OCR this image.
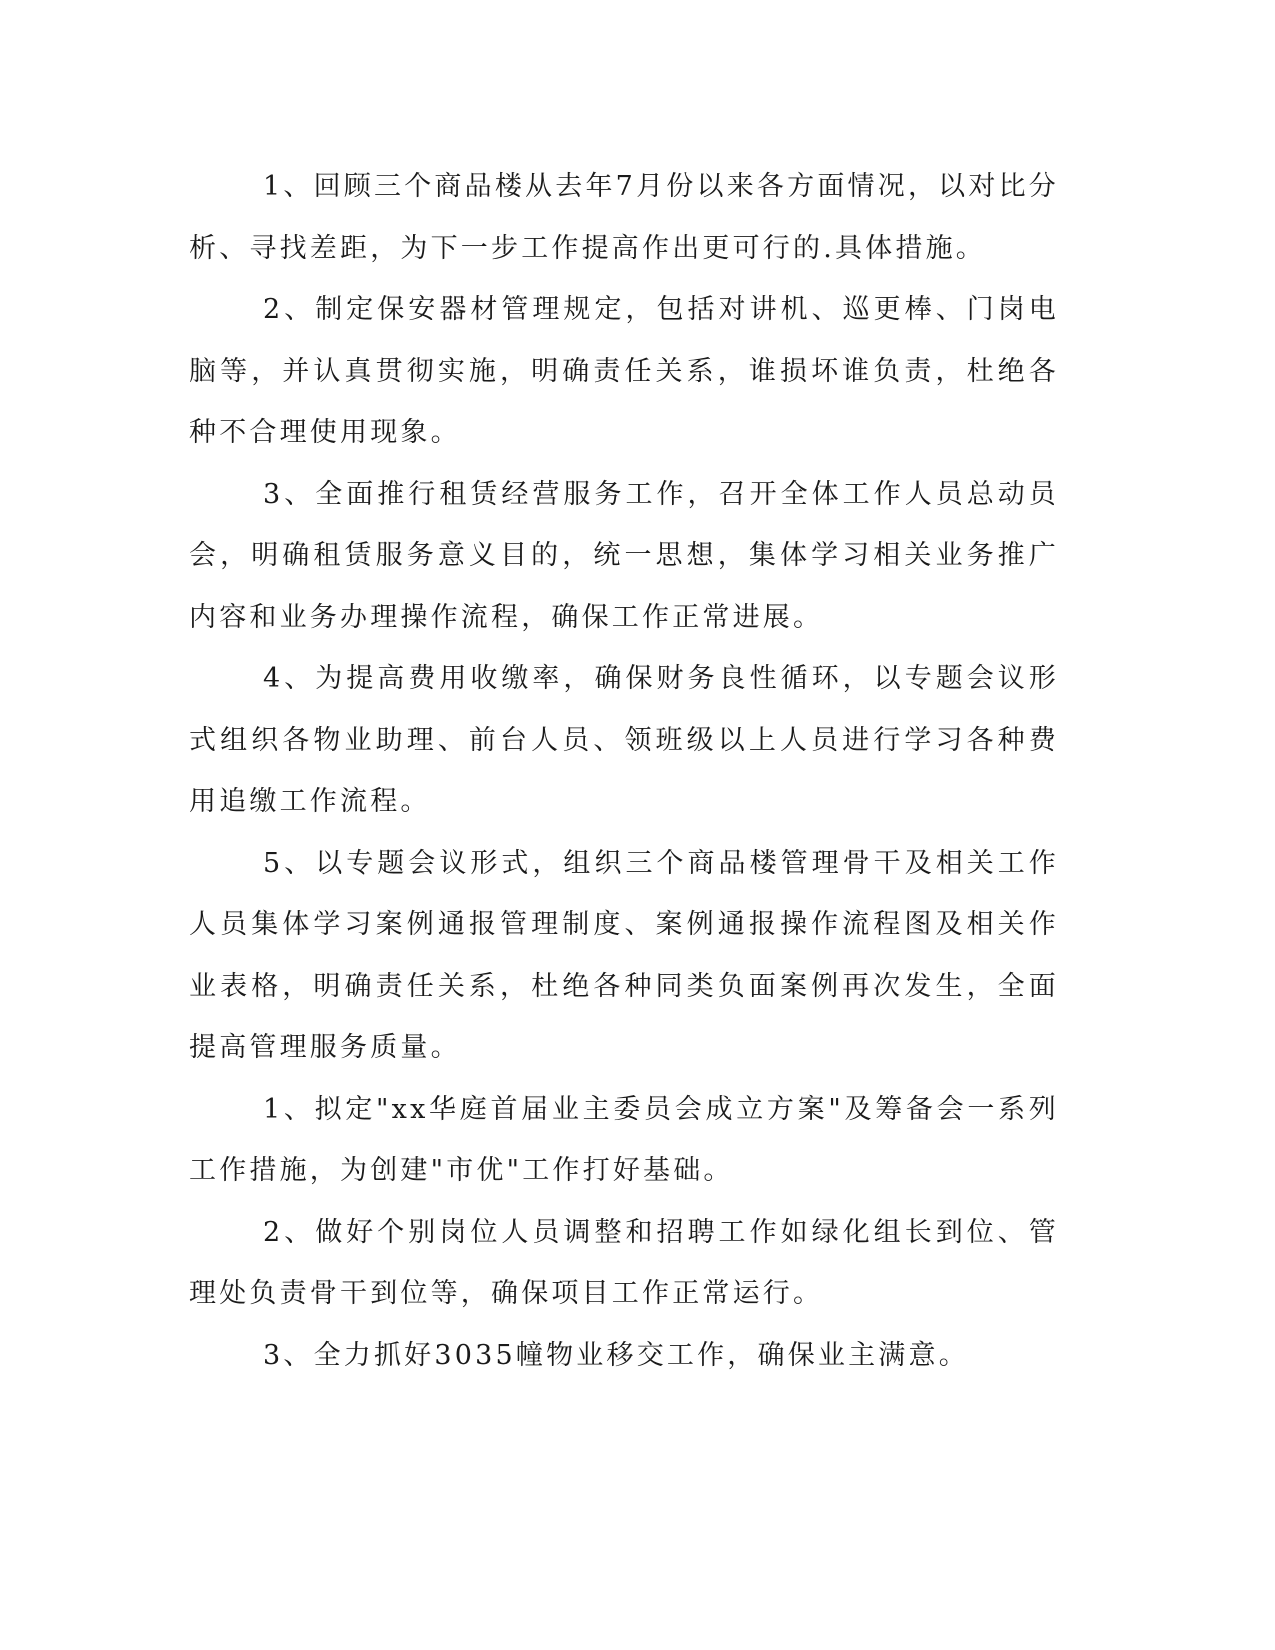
1、回顾三个商品楼从去年7月份以来各方面情况，以对比分析、寻找差距，为下一步工作提高作出更可行的.具体措施。

2、制定保安器材管理规定，包括对讲机、巡更棒、门岗电脑等，并认真贯彻实施，明确责任关系，谁损坏谁负责，杜绝各种不合理使用现象。

3、全面推行租赁经营服务工作，召开全体工作人员总动员会，明确租赁服务意义目的，统一思想，集体学习相关业务推广内容和业务办理操作流程，确保工作正常进展。

4、为提高费用收缴率，确保财务良性循环，以专题会议形式组织各物业助理、前台人员、领班级以上人员进行学习各种费用追缴工作流程。

5、以专题会议形式，组织三个商品楼管理骨干及相关工作人员集体学习案例通报管理制度、案例通报操作流程图及相关作业表格，明确责任关系，杜绝各种同类负面案例再次发生，全面提高管理服务质量。

1、拟定"xx华庭首届业主委员会成立方案"及筹备会一系列工作措施，为创建"市优"工作打好基础。

2、做好个别岗位人员调整和招聘工作如绿化组长到位、管理处负责骨干到位等，确保项目工作正常运行。

3、全力抓好3035幢物业移交工作，确保业主满意。
